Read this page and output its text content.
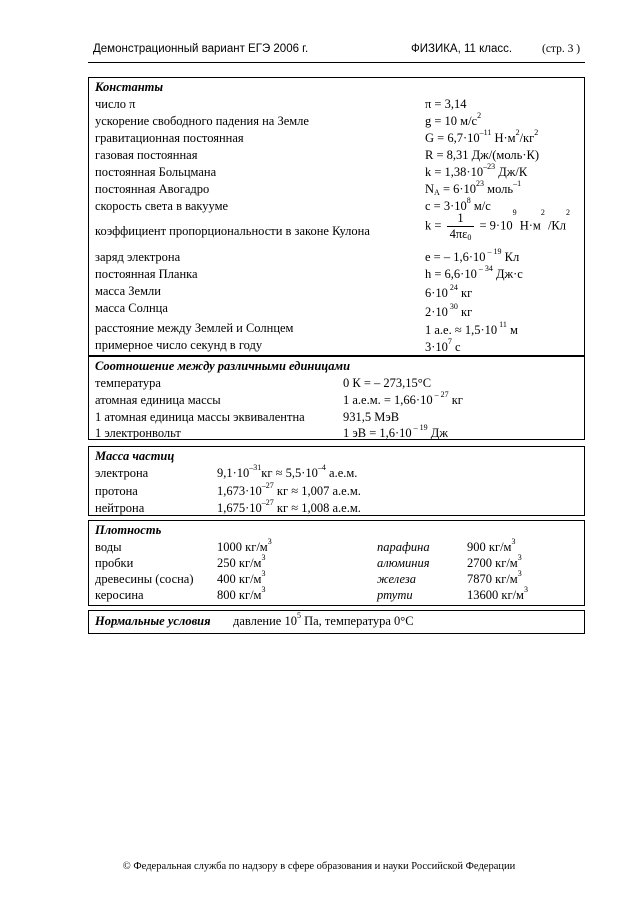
Демонстрационный вариант ЕГЭ 2006 г.	ФИЗИКА, 11 класс.	(стр. 3 )
Константы
число π	π = 3,14
ускорение свободного падения на Земле	g = 10 $м/с^2$
гравитационная постоянная	$G = 6,7\cdot 10^{-11}$ $Н\cdot м^2/кг^2$
газовая постоянная	R = 8,31 Дж/(моль·К)
постоянная Больцмана	$k = 1,38\cdot 10^{-23}$ Дж/К
постоянная Авогадро	NA = $6\cdot 10^{23}$ моль$^{-1}$
скорость света в вакууме	$с = 3\cdot 10^8$ м/с
коэффициент пропорциональности в законе Кулона	$k = \frac{1}{4\pi\varepsilon 0} = 9\cdot 10^9$ $Н\cdot м^2$ $/Кл^2$
заряд электрона	e = – 1,6·10 $^{- 19}$ Кл
постоянная Планка	h = 6,6·10 $^{- 34}$ Дж·с
масса Земли	6·10 $^{24}$ кг
масса Солнца	2·10 $^{30}$ кг
расстояние между Землей и Солнцем	1 а.е. ≈ 1,5·10 $^{11}$ м
примерное число секунд в году	$3\cdot 10^7$ с
Соотношение между различными единицами
температура	0 К = – 273,15°С
атомная единица массы	1 а.е.м. = 1,66·10 $^{- 27}$ кг
1 атомная единица массы эквивалентна	931,5 МэВ
1 электронвольт	1 эВ = 1,6·10 $^{- 19}$ Дж
Масса частиц
электрона	$9,1\cdot 10^{-31}кг \approx 5,5\cdot 10^{-4}$ а.е.м.
протона	$1,673\cdot 10^{-27}$ кг ≈ 1,007 а.е.м.
нейтрона	$1,675\cdot 10^{-27}$ кг ≈ 1,008 а.е.м.
Плотность
воды	1000 $кг/м^3$	парафина	900 $кг/м^3$
пробки	250 $кг/м^3$	алюминия	2700 $кг/м^3$
древесины (сосна) 400 $кг/м^3$	железа	7870 $кг/м^3$
керосина	800 $кг/м^3$	ртути	13600 $кг/м^3$
Нормальные условия давление $10^5$ Па, температура 0°С
© Федеральная служба по надзору в сфере образования и науки Российской Федерации
